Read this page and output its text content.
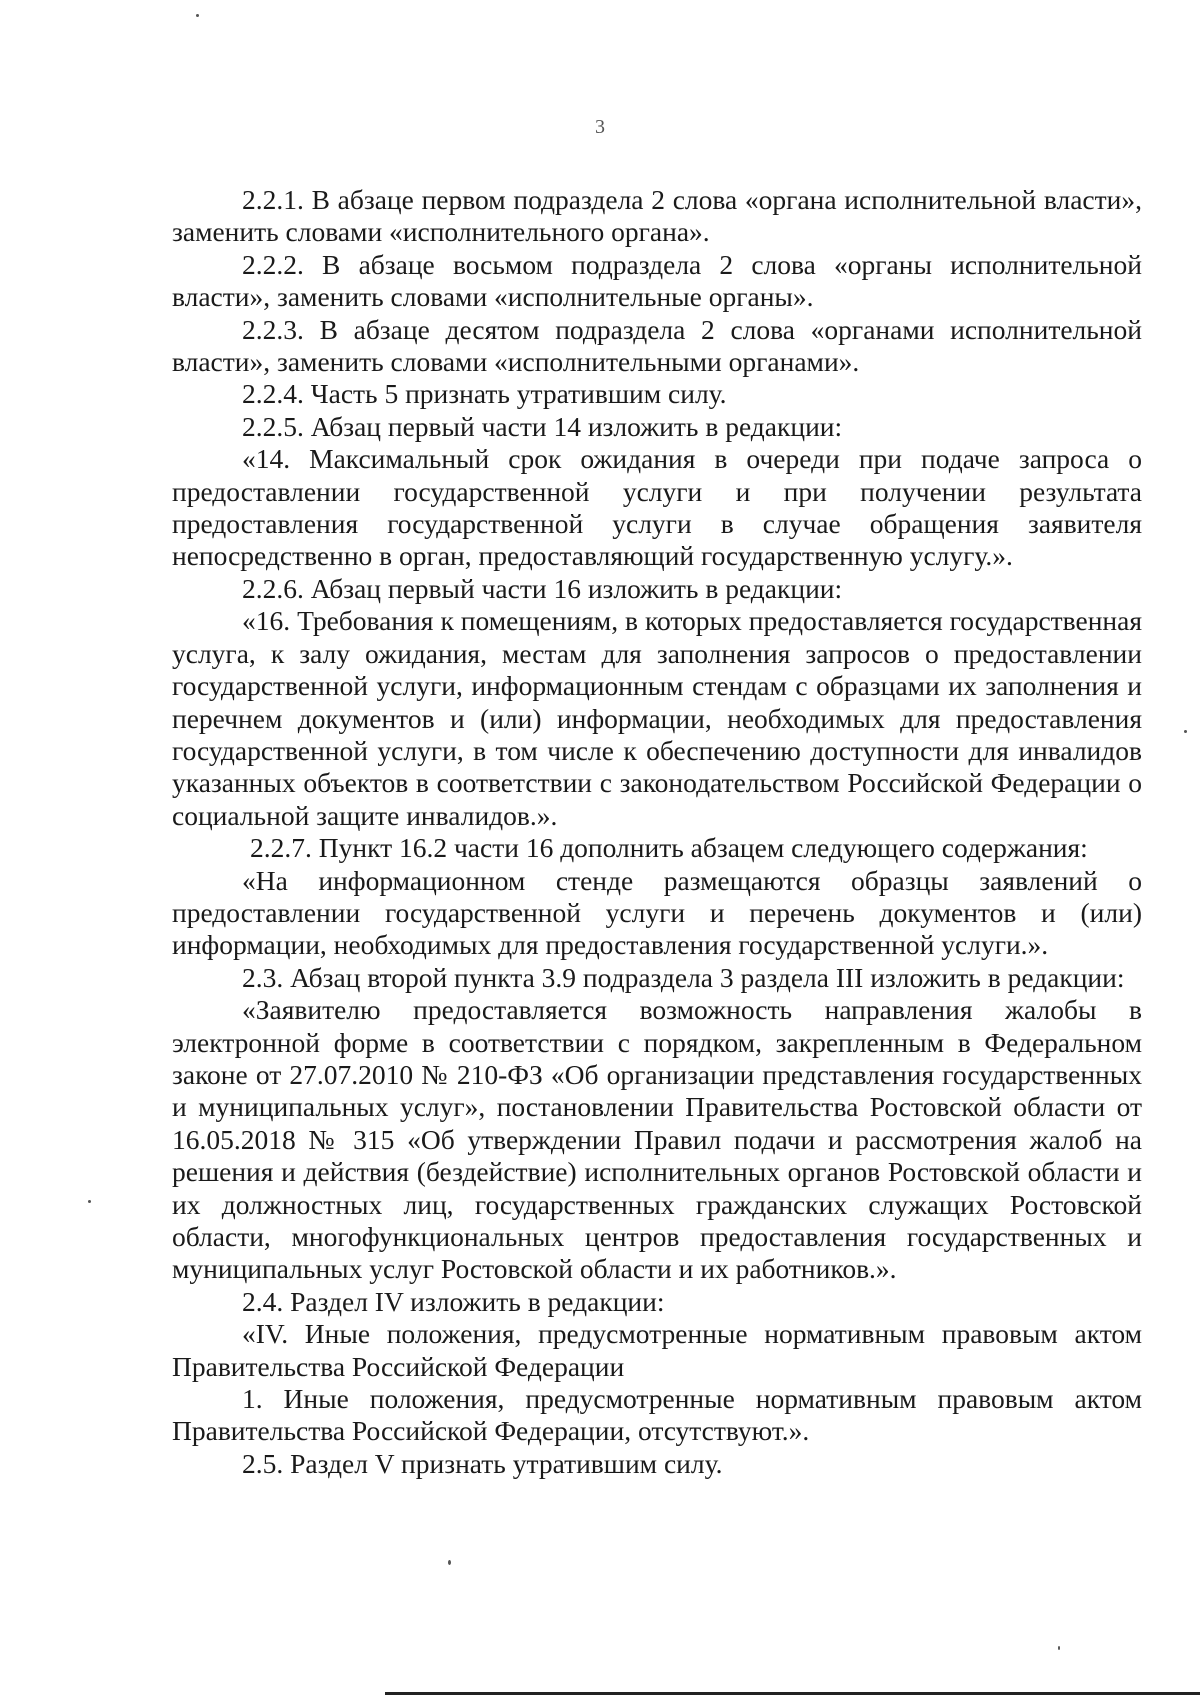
3

2.2.1. В абзаце первом подраздела 2 слова «органа исполнительной власти», заменить словами «исполнительного органа».

2.2.2. В абзаце восьмом подраздела 2 слова «органы исполнительной власти», заменить словами «исполнительные органы».

2.2.3. В абзаце десятом подраздела 2 слова «органами исполнительной власти», заменить словами «исполнительными органами».

2.2.4. Часть 5 признать утратившим силу.

2.2.5. Абзац первый части 14 изложить в редакции:

«14. Максимальный срок ожидания в очереди при подаче запроса о предоставлении государственной услуги и при получении результата предоставления государственной услуги в случае обращения заявителя непосредственно в орган, предоставляющий государственную услугу.».

2.2.6. Абзац первый части 16 изложить в редакции:

«16. Требования к помещениям, в которых предоставляется государственная услуга, к залу ожидания, местам для заполнения запросов о предоставлении государственной услуги, информационным стендам с образцами их заполнения и перечнем документов и (или) информации, необходимых для предоставления государственной услуги, в том числе к обеспечению доступности для инвалидов указанных объектов в соответствии с законодательством Российской Федерации о социальной защите инвалидов.».

2.2.7. Пункт 16.2 части 16 дополнить абзацем следующего содержания:

«На информационном стенде размещаются образцы заявлений о предоставлении государственной услуги и перечень документов и (или) информации, необходимых для предоставления государственной услуги.».

2.3. Абзац второй пункта 3.9 подраздела 3 раздела III изложить в редакции:

«Заявителю предоставляется возможность направления жалобы в электронной форме в соответствии с порядком, закрепленным в Федеральном законе от 27.07.2010 № 210-ФЗ «Об организации представления государственных и муниципальных услуг», постановлении Правительства Ростовской области от 16.05.2018 № 315 «Об утверждении Правил подачи и рассмотрения жалоб на решения и действия (бездействие) исполнительных органов Ростовской области и их должностных лиц, государственных гражданских служащих Ростовской области, многофункциональных центров предоставления государственных и муниципальных услуг Ростовской области и их работников.».

2.4. Раздел IV изложить в редакции:

«IV. Иные положения, предусмотренные нормативным правовым актом Правительства Российской Федерации

1. Иные положения, предусмотренные нормативным правовым актом Правительства Российской Федерации, отсутствуют.».

2.5. Раздел V признать утратившим силу.
